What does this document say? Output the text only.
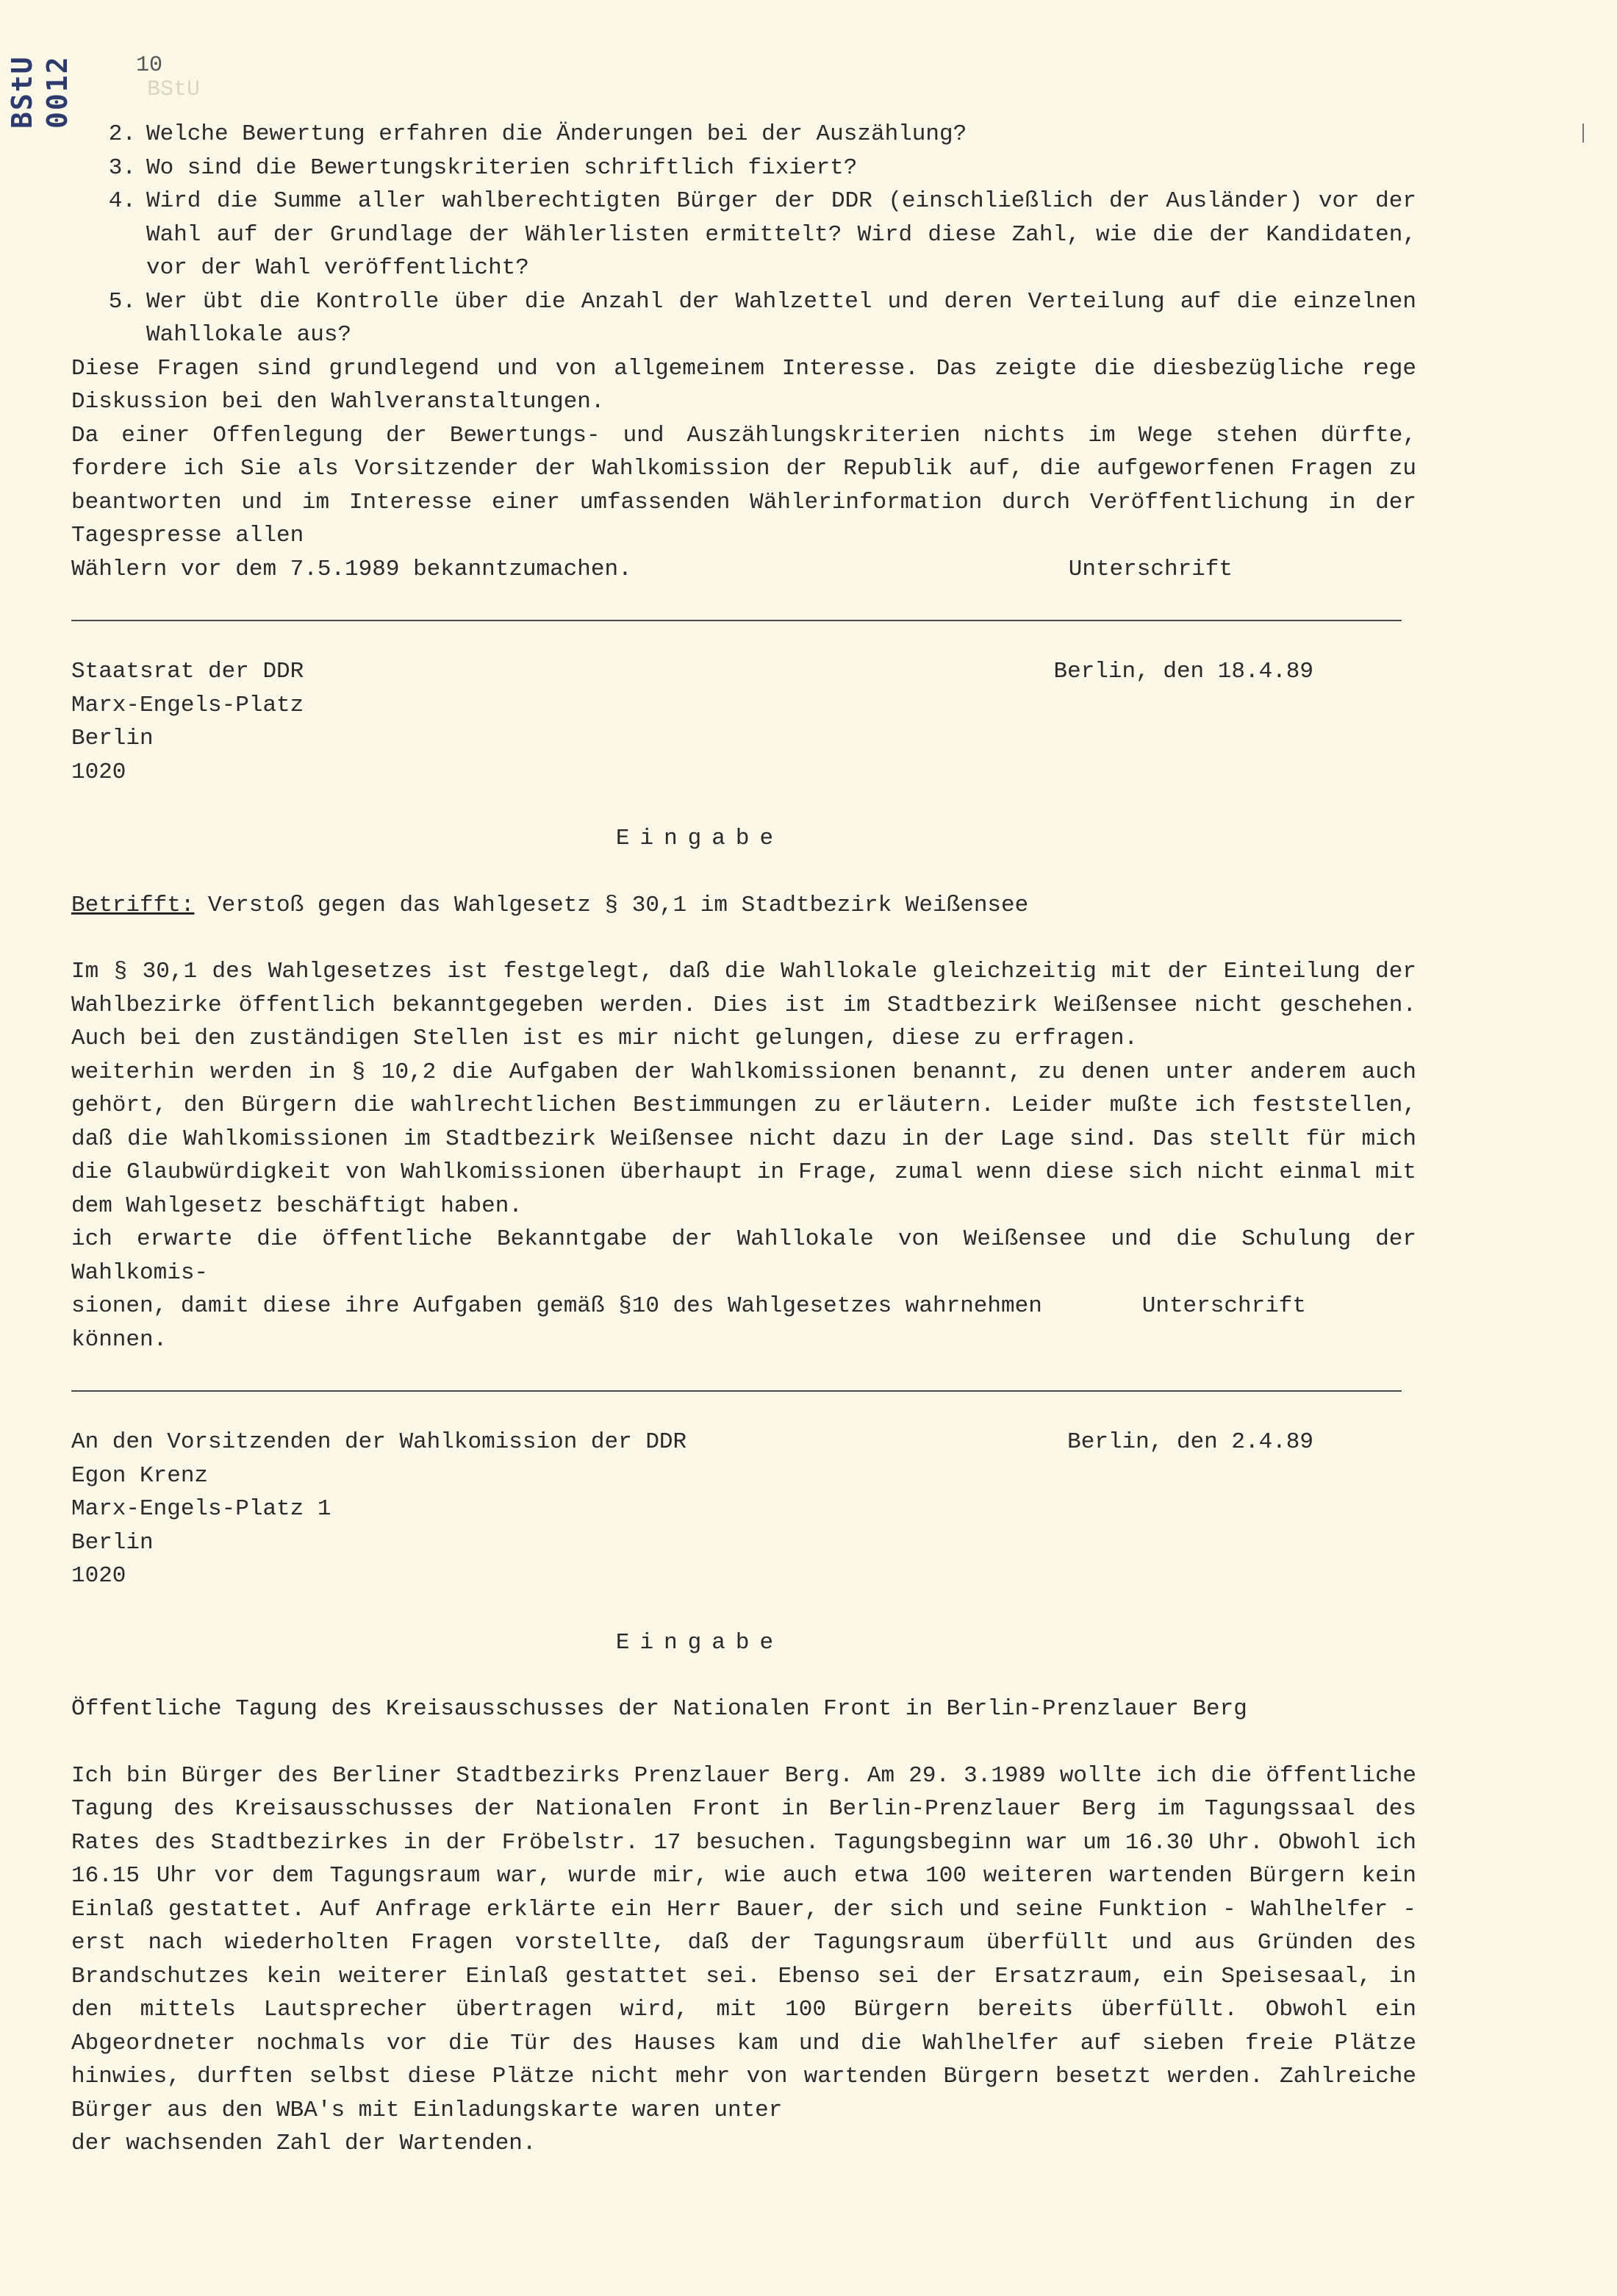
BStU 0012	10
BStU
2. Welche Bewertung erfahren die Änderungen bei der Auszählung?
3. Wo sind die Bewertungskriterien schriftlich fixiert?
4. Wird die Summe aller wahlberechtigten Bürger der DDR (einschließlich der Ausländer) vor der Wahl auf der Grundlage der Wählerlisten ermittelt? Wird diese Zahl, wie die der Kandidaten, vor der Wahl veröffentlicht?
5. Wer übt die Kontrolle über die Anzahl der Wahlzettel und deren Verteilung auf die einzelnen Wahllokale aus?
Diese Fragen sind grundlegend und von allgemeinem Interesse. Das zeigte die diesbezügliche rege Diskussion bei den Wahlveranstaltungen.
Da einer Offenlegung der Bewertungs- und Auszählungskriterien nichts im Wege stehen dürfte, fordere ich Sie als Vorsitzender der Wahlkomission der Republik auf, die aufgeworfenen Fragen zu beantworten und im Interesse einer umfassenden Wählerinformation durch Veröffentlichung in der Tagespresse allen
Wählern vor dem 7.5.1989 bekanntzumachen.	Unterschrift
Staatsrat der DDR
Marx-Engels-Platz
Berlin
1020
Berlin, den 18.4.89
Eingabe
Betrifft: Verstoß gegen das Wahlgesetz § 30,1 im Stadtbezirk Weißensee
Im § 30,1 des Wahlgesetzes ist festgelegt, daß die Wahllokale gleichzeitig mit der Einteilung der Wahlbezirke öffentlich bekanntgegeben werden. Dies ist im Stadtbezirk Weißensee nicht geschehen. Auch bei den zuständigen Stellen ist es mir nicht gelungen, diese zu erfragen.
weiterhin werden in § 10,2 die Aufgaben der Wahlkomissionen benannt, zu denen unter anderem auch gehört, den Bürgern die wahlrechtlichen Bestimmungen zu erläutern. Leider mußte ich feststellen, daß die Wahlkomissionen im Stadtbezirk Weißensee nicht dazu in der Lage sind. Das stellt für mich die Glaubwürdigkeit von Wahlkomissionen überhaupt in Frage, zumal wenn diese sich nicht einmal mit dem Wahlgesetz beschäftigt haben.
ich erwarte die öffentliche Bekanntgabe der Wahllokale von Weißensee und die Schulung der Wahlkomis-
sionen, damit diese ihre Aufgaben gemäß §10 des Wahlgesetzes wahrnehmen können.
Unterschrift
An den Vorsitzenden der Wahlkomission der DDR
Egon Krenz
Marx-Engels-Platz 1
Berlin
1020
Berlin, den 2.4.89
Eingabe
Öffentliche Tagung des Kreisausschusses der Nationalen Front in Berlin-Prenzlauer Berg
Ich bin Bürger des Berliner Stadtbezirks Prenzlauer Berg. Am 29. 3.1989 wollte ich die öffentliche Tagung des Kreisausschusses der Nationalen Front in Berlin-Prenzlauer Berg im Tagungssaal des Rates des Stadtbezirkes in der Fröbelstr. 17 besuchen. Tagungsbeginn war um 16.30 Uhr. Obwohl ich 16.15 Uhr vor dem Tagungsraum war, wurde mir, wie auch etwa 100 weiteren wartenden Bürgern kein Einlaß gestattet. Auf Anfrage erklärte ein Herr Bauer, der sich und seine Funktion - Wahlhelfer - erst nach wiederholten Fragen vorstellte, daß der Tagungsraum überfüllt und aus Gründen des Brandschutzes kein weiterer Einlaß gestattet sei. Ebenso sei der Ersatzraum, ein Speisesaal, in den mittels Lautsprecher übertragen wird, mit 100 Bürgern bereits überfüllt. Obwohl ein Abgeordneter nochmals vor die Tür des Hauses kam und die Wahlhelfer auf sieben freie Plätze hinwies, durften selbst diese Plätze nicht mehr von wartenden Bürgern besetzt werden. Zahlreiche Bürger aus den WBA's mit Einladungskarte waren unter
der wachsenden Zahl der Wartenden.
